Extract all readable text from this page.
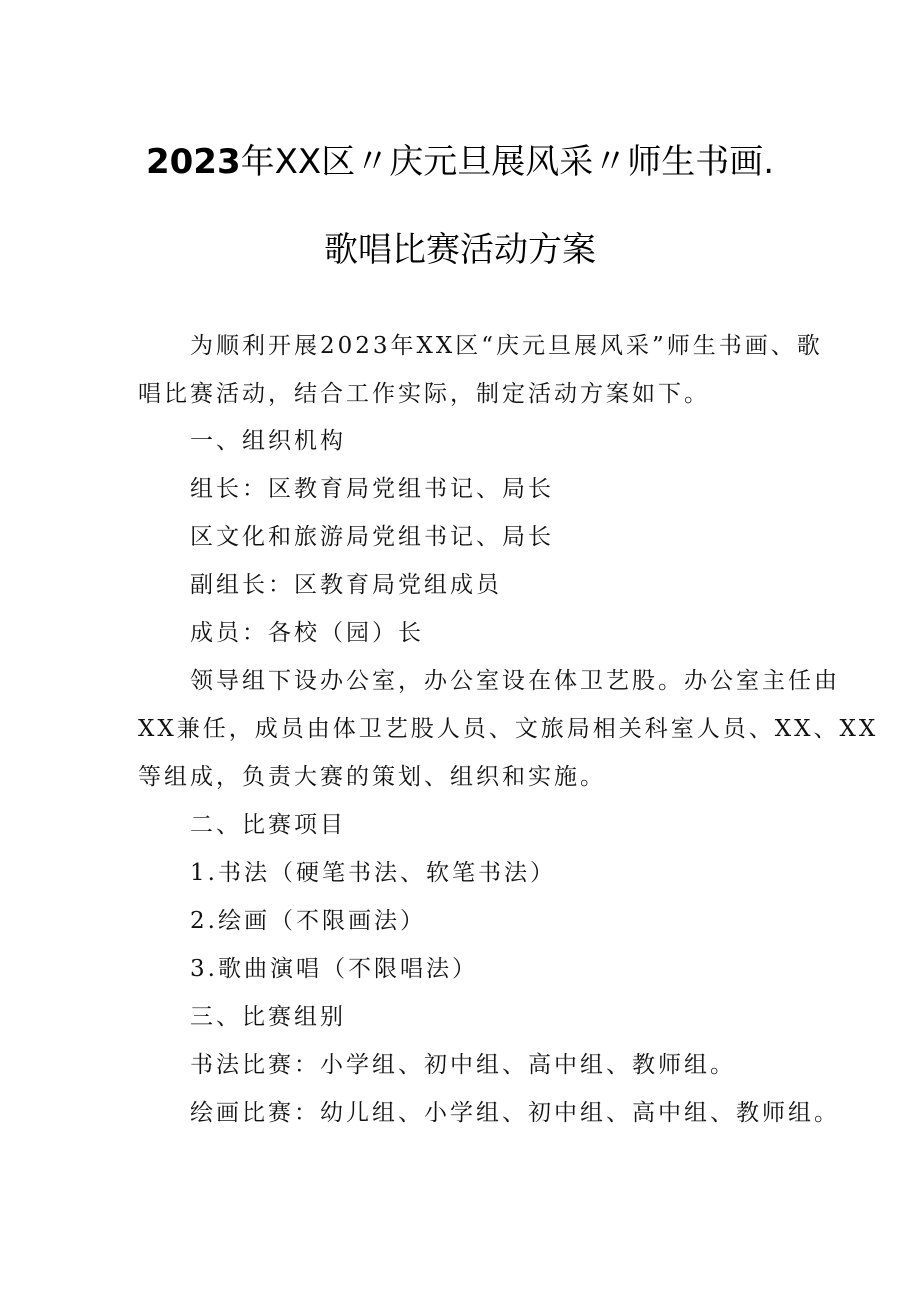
2023年XX区〃庆元旦展风采〃师生书画.
歌唱比赛活动方案
为顺利开展2023年XX区“庆元旦展风采”师生书画、歌
唱比赛活动，结合工作实际，制定活动方案如下。
一、组织机构
组长：区教育局党组书记、局长
区文化和旅游局党组书记、局长
副组长：区教育局党组成员
成员：各校（园）长
领导组下设办公室，办公室设在体卫艺股。办公室主任由
XX兼任，成员由体卫艺股人员、文旅局相关科室人员、XX、XX
等组成，负责大赛的策划、组织和实施。
二、比赛项目
1.书法（硬笔书法、软笔书法）
2.绘画（不限画法）
3.歌曲演唱（不限唱法）
三、比赛组别
书法比赛：小学组、初中组、高中组、教师组。
绘画比赛：幼儿组、小学组、初中组、高中组、教师组。
